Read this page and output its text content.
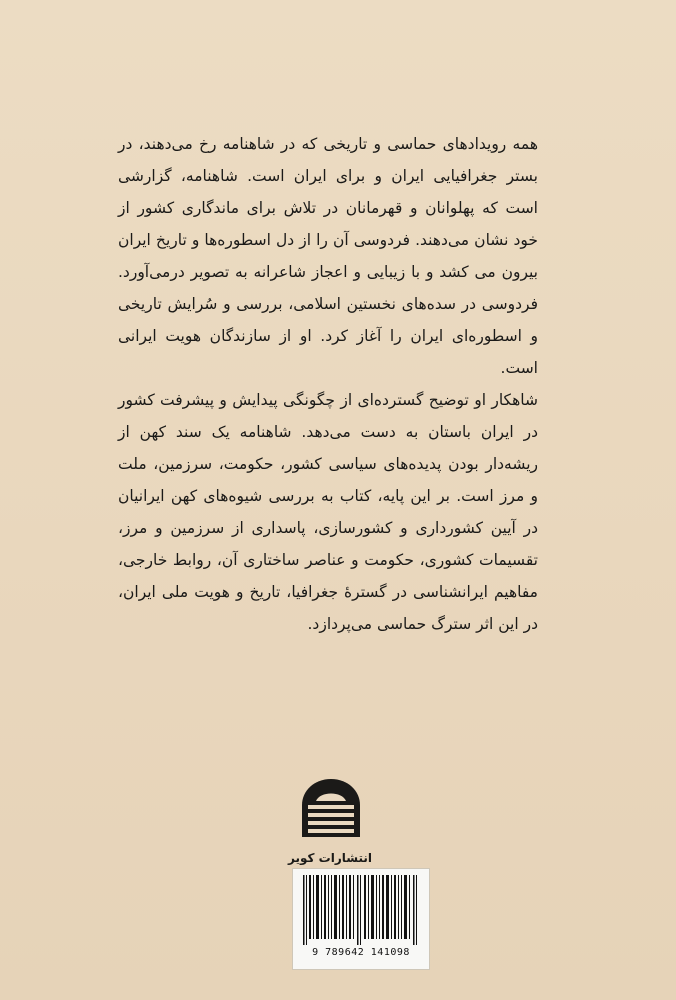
همه رویدادهای حماسی و تاریخی که در شاهنامه رخ می‌دهند، در بستر جغرافیایی ایران و برای ایران است. شاهنامه، گزارشی است که پهلوانان و قهرمانان در تلاش برای ماندگاری کشور از خود نشان می‌دهند. فردوسی آن را از دل اسطوره‌ها و تاریخ ایران بیرون می کشد و با زیبایی و اعجاز شاعرانه به تصویر درمی‌آورد. فردوسی در سده‌های نخستین اسلامی، بررسی و سُرایش تاریخی و اسطوره‌ای ایران را آغاز کرد. او از سازندگان هویت ایرانی است.

شاهکار او توضیح گسترده‌ای از چگونگی پیدایش و پیشرفت کشور در ایران باستان به دست می‌دهد. شاهنامه یک سند کهن از ریشه‌دار بودن پدیده‌های سیاسی کشور، حکومت، سرزمین، ملت و مرز است. بر این پایه، کتاب به بررسی شیوه‌های کهن ایرانیان در آیین کشورداری و کشورسازی، پاسداری از سرزمین و مرز، تقسیمات کشوری، حکومت و عناصر ساختاری آن، روابط خارجی، مفاهیم ایرانشناسی در گسترهٔ جغرافیا، تاریخ و هویت ملی ایران، در این اثر سترگ حماسی می‌پردازد.

انتشارات کویر
9 789642 141098
